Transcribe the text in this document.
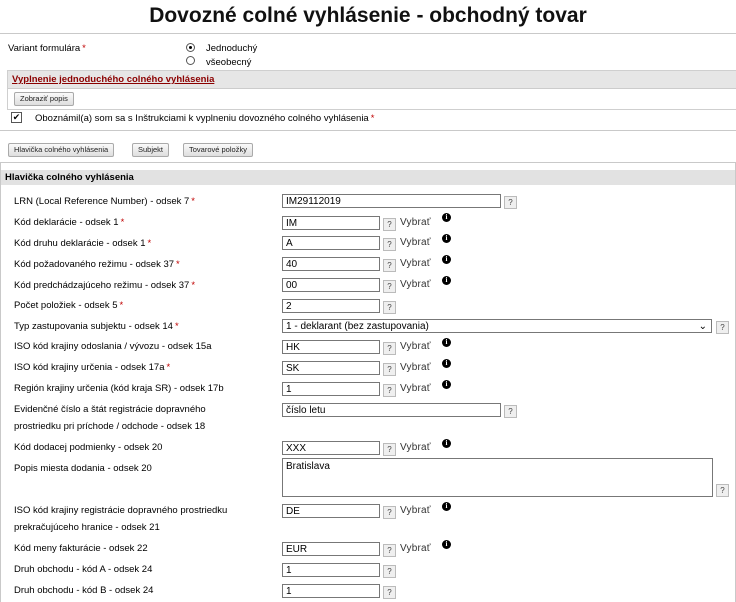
Dovozné colné vyhlásenie - obchodný tovar
Variant formulára *	Jednoduchý
všeobecný
Vyplnenie jednoduchého colného vyhlásenia
Zobraziť popis
✔ Oboznámil(a) som sa s Inštrukciami k vyplneniu dovozného colného vyhlásenia *
Hlavička colného vyhlásenia	Subjekt	Tovarové položky
Hlavička colného vyhlásenia
LRN (Local Reference Number) - odsek 7 *	IM29112019	?
Kód deklarácie - odsek 1 *	IM	? Vybrať	i
Kód druhu deklarácie - odsek 1 *	A	? Vybrať	i
Kód požadovaného režimu - odsek 37 *	40	? Vybrať	i
Kód predchádzajúceho režimu - odsek 37 *	00	? Vybrať	i
Počet položiek - odsek 5 *	2	?
Typ zastupovania subjektu - odsek 14 *	1 - deklarant (bez zastupovania)	⌄	?
ISO kód krajiny odoslania / vývozu - odsek 15a	HK	? Vybrať	i
ISO kód krajiny určenia - odsek 17a *	SK	? Vybrať	i
Región krajiny určenia (kód kraja SR) - odsek 17b	1	? Vybrať	i
Evidenčné číslo a štát registrácie dopravného
prostriedku pri príchode / odchode - odsek 18
číslo letu	?
Kód dodacej podmienky - odsek 20	XXX	? Vybrať	i
Popis miesta dodania - odsek 20	Bratislava
?
ISO kód krajiny registrácie dopravného prostriedku
prekračujúceho hranice - odsek 21
DE	? Vybrať	i
Kód meny fakturácie - odsek 22	EUR	? Vybrať	i
Druh obchodu - kód A - odsek 24	1	?
Druh obchodu - kód B - odsek 24	1	?
